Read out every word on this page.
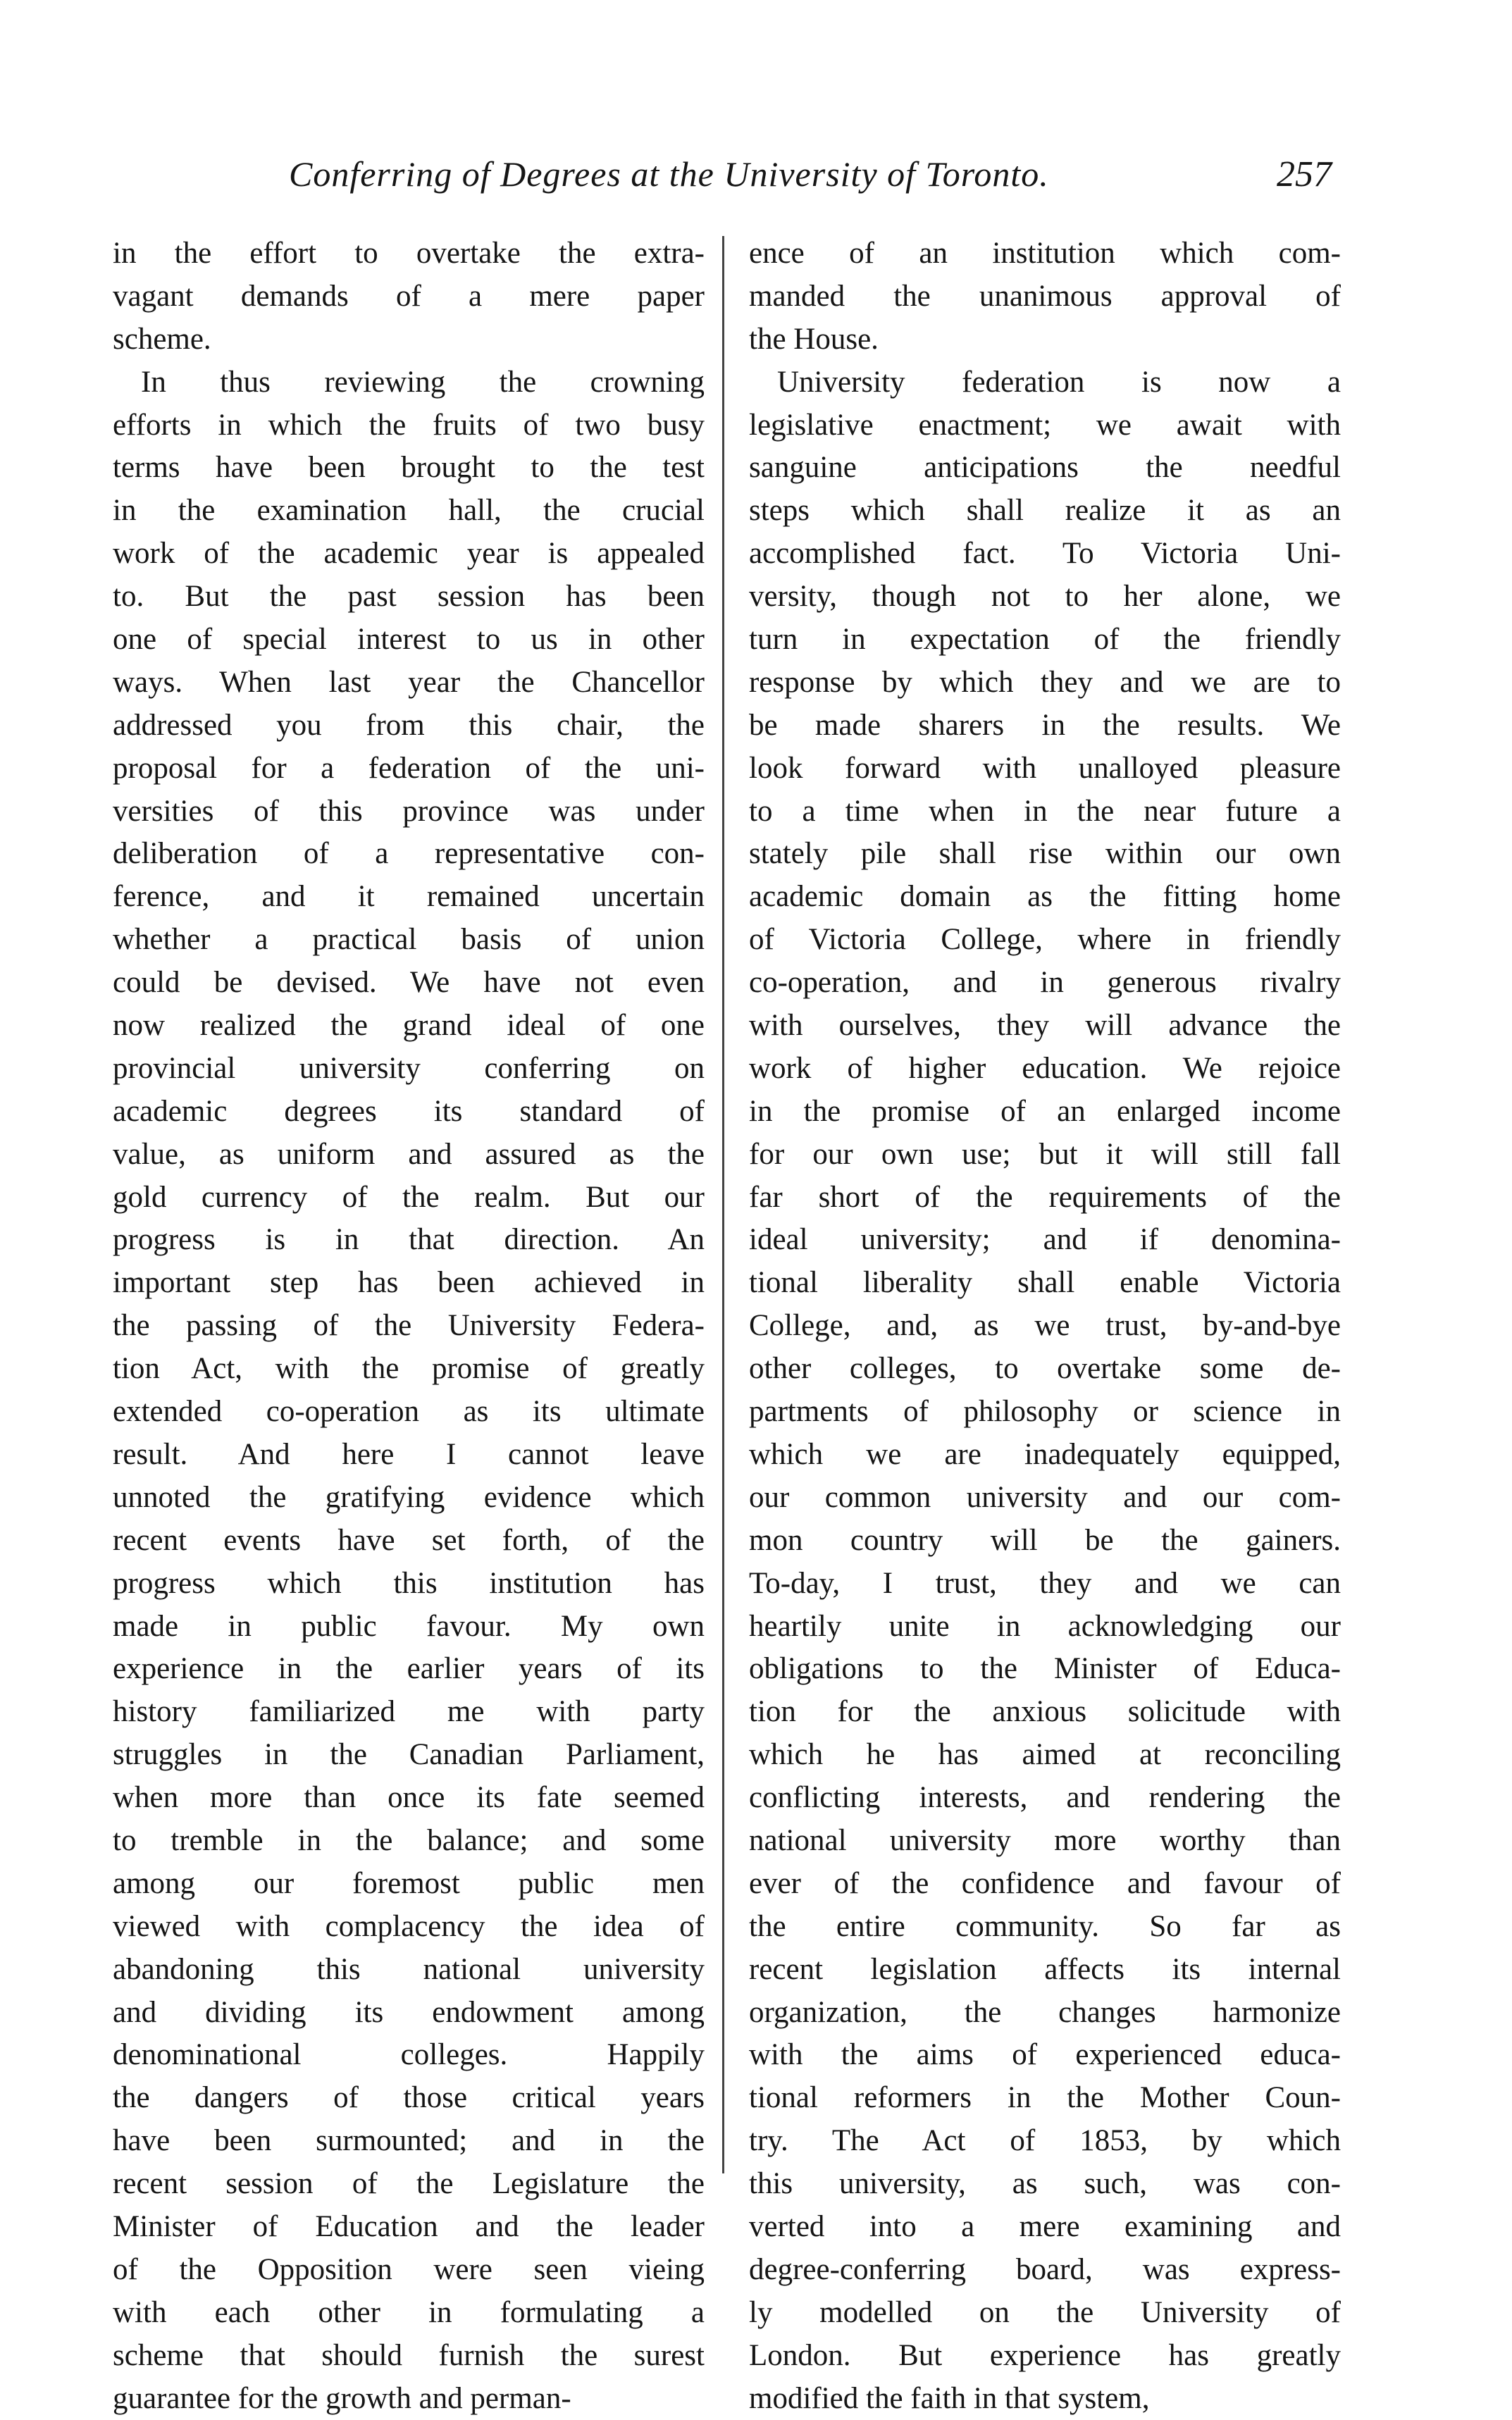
Conferring of Degrees at the University of Toronto.	257
in the effort to overtake the extra-
vagant demands of a mere paper
scheme.
In thus reviewing the crowning
efforts in which the fruits of two busy
terms have been brought to the test
in the examination hall, the crucial
work of the academic year is appealed
to. But the past session has been
one of special interest to us in other
ways. When last year the Chancellor
addressed you from this chair, the
proposal for a federation of the uni-
versities of this province was under
deliberation of a representative con-
ference, and it remained uncertain
whether a practical basis of union
could be devised. We have not even
now realized the grand ideal of one
provincial university conferring on
academic degrees its standard of
value, as uniform and assured as the
gold currency of the realm. But our
progress is in that direction. An
important step has been achieved in
the passing of the University Federa-
tion Act, with the promise of greatly
extended co-operation as its ultimate
result. And here I cannot leave
unnoted the gratifying evidence which
recent events have set forth, of the
progress which this institution has
made in public favour. My own
experience in the earlier years of its
history familiarized me with party
struggles in the Canadian Parliament,
when more than once its fate seemed
to tremble in the balance; and some
among our foremost public men
viewed with complacency the idea of
abandoning this national university
and dividing its endowment among
denominational colleges. Happily
the dangers of those critical years
have been surmounted; and in the
recent session of the Legislature the
Minister of Education and the leader
of the Opposition were seen vieing
with each other in formulating a
scheme that should furnish the surest
guarantee for the growth and perman-
ence of an institution which com-
manded the unanimous approval of
the House.
University federation is now a
legislative enactment; we await with
sanguine anticipations the needful
steps which shall realize it as an
accomplished fact. To Victoria Uni-
versity, though not to her alone, we
turn in expectation of the friendly
response by which they and we are to
be made sharers in the results. We
look forward with unalloyed pleasure
to a time when in the near future a
stately pile shall rise within our own
academic domain as the fitting home
of Victoria College, where in friendly
co-operation, and in generous rivalry
with ourselves, they will advance the
work of higher education. We rejoice
in the promise of an enlarged income
for our own use; but it will still fall
far short of the requirements of the
ideal university; and if denomina-
tional liberality shall enable Victoria
College, and, as we trust, by-and-bye
other colleges, to overtake some de-
partments of philosophy or science in
which we are inadequately equipped,
our common university and our com-
mon country will be the gainers.
To-day, I trust, they and we can
heartily unite in acknowledging our
obligations to the Minister of Educa-
tion for the anxious solicitude with
which he has aimed at reconciling
conflicting interests, and rendering the
national university more worthy than
ever of the confidence and favour of
the entire community. So far as
recent legislation affects its internal
organization, the changes harmonize
with the aims of experienced educa-
tional reformers in the Mother Coun-
try. The Act of 1853, by which
this university, as such, was con-
verted into a mere examining and
degree-conferring board, was express-
ly modelled on the University of
London. But experience has greatly
modified the faith in that system,
